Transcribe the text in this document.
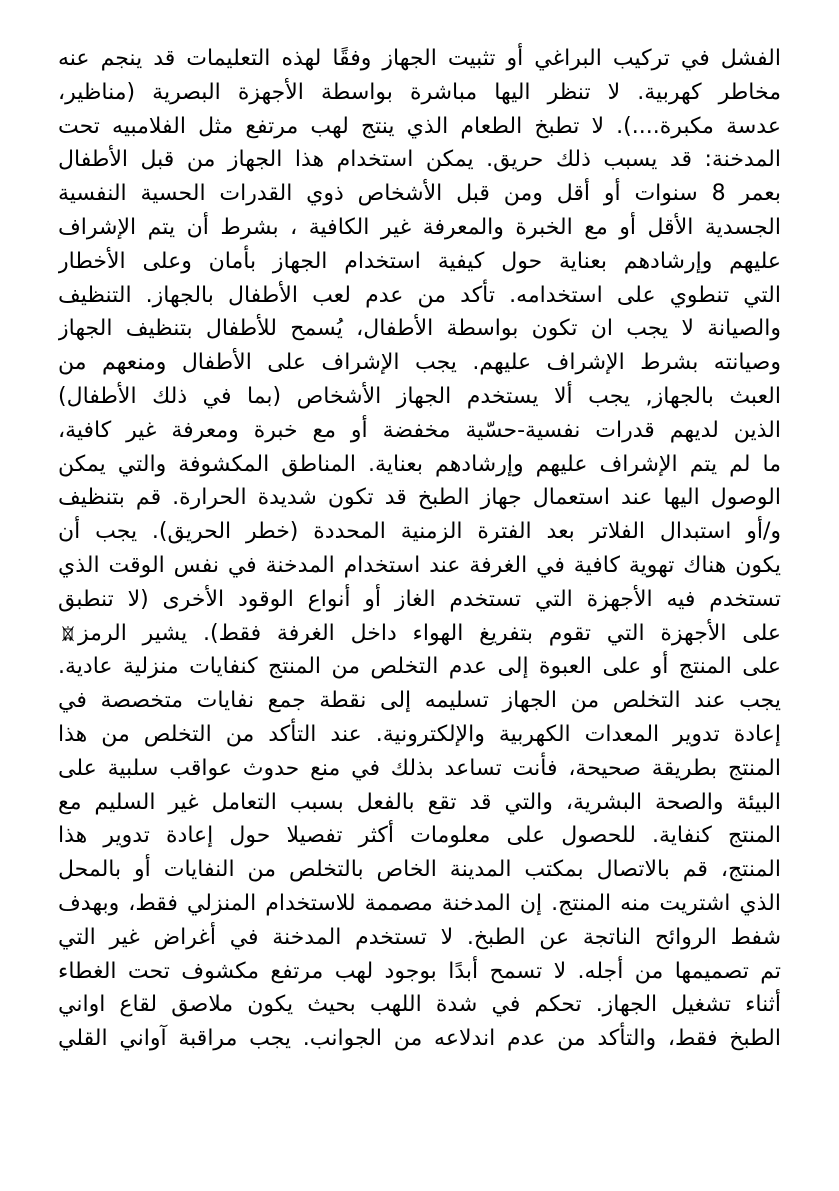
الفشل في تركيب البراغي أو تثبيت الجهاز وفقًا لهذه التعليمات قد ينجم عنه
مخاطر كهربية. لا تنظر اليها مباشرة بواسطة الأجهزة البصرية (مناظير،
عدسة مكبرة....). لا تطبخ الطعام الذي ينتج لهب مرتفع مثل الفلامبيه تحت
المدخنة: قد يسبب ذلك حريق. يمكن استخدام هذا الجهاز من قبل الأطفال
بعمر 8 سنوات أو أقل ومن قبل الأشخاص ذوي القدرات الحسية النفسية
الجسدية الأقل أو مع الخبرة والمعرفة غير الكافية ، بشرط أن يتم الإشراف
عليهم وإرشادهم بعناية حول كيفية استخدام الجهاز بأمان وعلى الأخطار
التي تنطوي على استخدامه. تأكد من عدم لعب الأطفال بالجهاز. التنظيف
والصيانة لا يجب ان تكون بواسطة الأطفال، يُسمح للأطفال بتنظيف الجهاز
وصيانته بشرط الإشراف عليهم. يجب الإشراف على الأطفال ومنعهم من
العبث بالجهاز, يجب ألا يستخدم الجهاز الأشخاص (بما في ذلك الأطفال)
الذين لديهم قدرات نفسية-حسّية مخفضة أو مع خبرة ومعرفة غير كافية،
ما لم يتم الإشراف عليهم وإرشادهم بعناية. المناطق المكشوفة والتي يمكن
الوصول اليها عند استعمال جهاز الطبخ قد تكون شديدة الحرارة. قم بتنظيف
و/أو استبدال الفلاتر بعد الفترة الزمنية المحددة (خطر الحريق). يجب أن
يكون هناك تهوية كافية في الغرفة عند استخدام المدخنة في نفس الوقت الذي
تستخدم فيه الأجهزة التي تستخدم الغاز أو أنواع الوقود الأخرى (لا تنطبق
على الأجهزة التي تقوم بتفريغ الهواء داخل الغرفة فقط). يشير الرمز
على المنتج أو على العبوة إلى عدم التخلص من المنتج كنفايات منزلية عادية.
يجب عند التخلص من الجهاز تسليمه إلى نقطة جمع نفايات متخصصة في
إعادة تدوير المعدات الكهربية والإلكترونية. عند التأكد من التخلص من هذا
المنتج بطريقة صحيحة، فأنت تساعد بذلك في منع حدوث عواقب سلبية على
البيئة والصحة البشرية، والتي قد تقع بالفعل بسبب التعامل غير السليم مع
المنتج كنفاية. للحصول على معلومات أكثر تفصيلا حول إعادة تدوير هذا
المنتج، قم بالاتصال بمكتب المدينة الخاص بالتخلص من النفايات أو بالمحل
الذي اشتريت منه المنتج. إن المدخنة مصممة للاستخدام المنزلي فقط، وبهدف
شفط الروائح الناتجة عن الطبخ. لا تستخدم المدخنة في أغراض غير التي
تم تصميمها من أجله. لا تسمح أبدًا بوجود لهب مرتفع مكشوف تحت الغطاء
أثناء تشغيل الجهاز. تحكم في شدة اللهب بحيث يكون ملاصق لقاع اواني
الطبخ فقط، والتأكد من عدم اندلاعه من الجوانب. يجب مراقبة آواني القلي
